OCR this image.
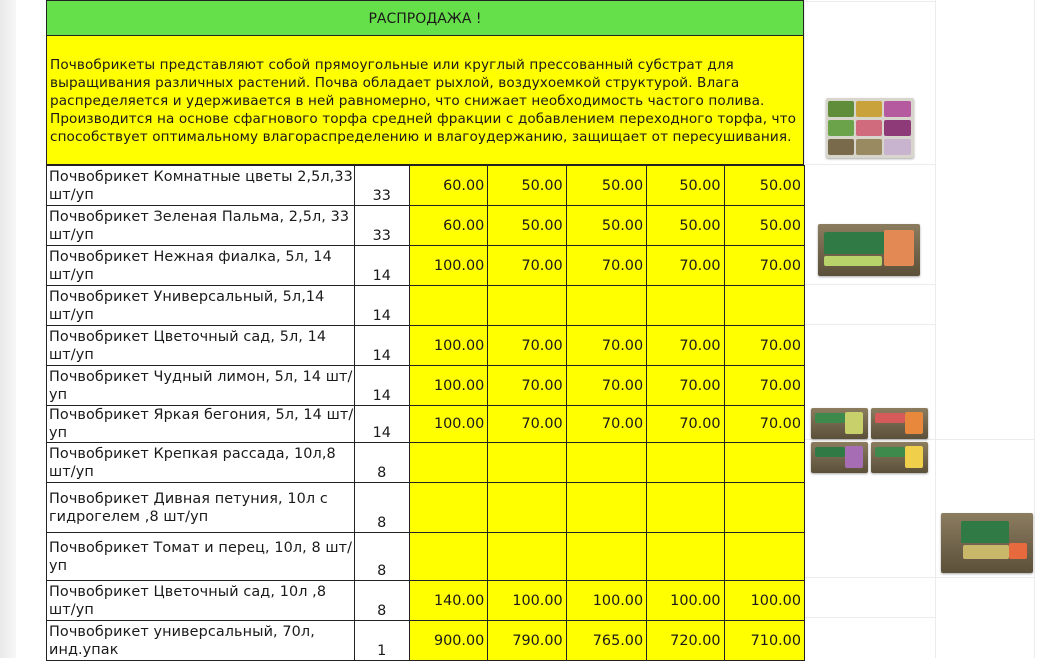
РАСПРОДАЖА !
Почвобрикеты представляют собой прямоугольные или круглый прессованный субстрат для
выращивания различных растений. Почва обладает рыхлой, воздухоемкой структурой. Влага
распределяется и удерживается в ней равномерно, что снижает необходимость частого полива.
Производится на основе сфагнового торфа средней фракции с добавлением переходного торфа, что
способствует оптимальному влагораспределению и влагоудержанию, защищает от пересушивания.
Почвобрикет Комнатные цветы 2,5л,33 шт/уп	33	60.00	50.00	50.00	50.00	50.00
Почвобрикет Зеленая Пальма, 2,5л, 33 шт/уп	33	60.00	50.00	50.00	50.00	50.00
Почвобрикет Нежная фиалка, 5л, 14 шт/уп	14	100.00	70.00	70.00	70.00	70.00
Почвобрикет Универсальный, 5л,14 шт/уп	14					
Почвобрикет Цветочный сад, 5л, 14 шт/уп	14	100.00	70.00	70.00	70.00	70.00
Почвобрикет Чудный лимон, 5л, 14 шт/уп	14	100.00	70.00	70.00	70.00	70.00
Почвобрикет Яркая бегония, 5л, 14 шт/уп	14	100.00	70.00	70.00	70.00	70.00
Почвобрикет Крепкая рассада, 10л,8 шт/уп	8					
Почвобрикет Дивная петуния, 10л с гидрогелем ,8 шт/уп	8					
Почвобрикет Томат и перец, 10л, 8 шт/уп	8					
Почвобрикет Цветочный сад, 10л ,8 шт/уп	8	140.00	100.00	100.00	100.00	100.00
Почвобрикет универсальный, 70л, инд.упак	1	900.00	790.00	765.00	720.00	710.00
